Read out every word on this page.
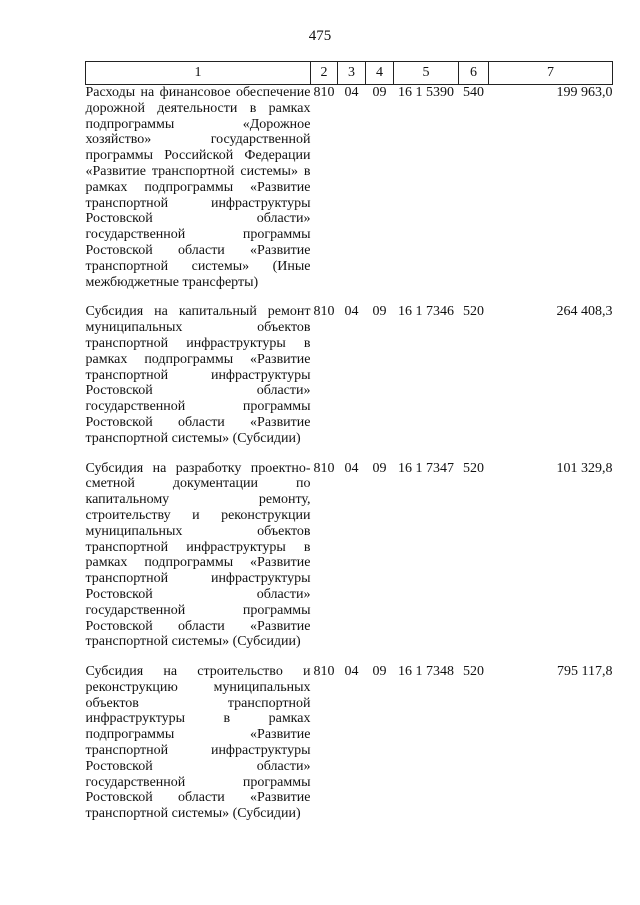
475
1	2	3	4	5	6	7
Расходы на финансовое обеспечение дорожной деятельности в рамках подпрограммы «Дорожное хозяйство» государственной программы Российской Федерации «Развитие транспортной системы» в рамках подпрограммы «Развитие транспортной инфраструктуры Ростовской области» государственной программы Ростовской области «Развитие транспортной системы» (Иные межбюджетные трансферты)	810	04	09	16 1 5390	540	199 963,0
Субсидия на капитальный ремонт муниципальных объектов транспортной инфраструктуры в рамках подпрограммы «Развитие транспортной инфраструктуры Ростовской области» государственной программы Ростовской области «Развитие транспортной системы» (Субсидии)	810	04	09	16 1 7346	520	264 408,3
Субсидия на разработку проектно-сметной документации по капитальному ремонту, строительству и реконструкции муниципальных объектов транспортной инфраструктуры в рамках подпрограммы «Развитие транспортной инфраструктуры Ростовской области» государственной программы Ростовской области «Развитие транспортной системы» (Субсидии)	810	04	09	16 1 7347	520	101 329,8
Субсидия на строительство и реконструкцию муниципальных объектов транспортной инфраструктуры в рамках подпрограммы «Развитие транспортной инфраструктуры Ростовской области» государственной программы Ростовской области «Развитие транспортной системы» (Субсидии)	810	04	09	16 1 7348	520	795 117,8
